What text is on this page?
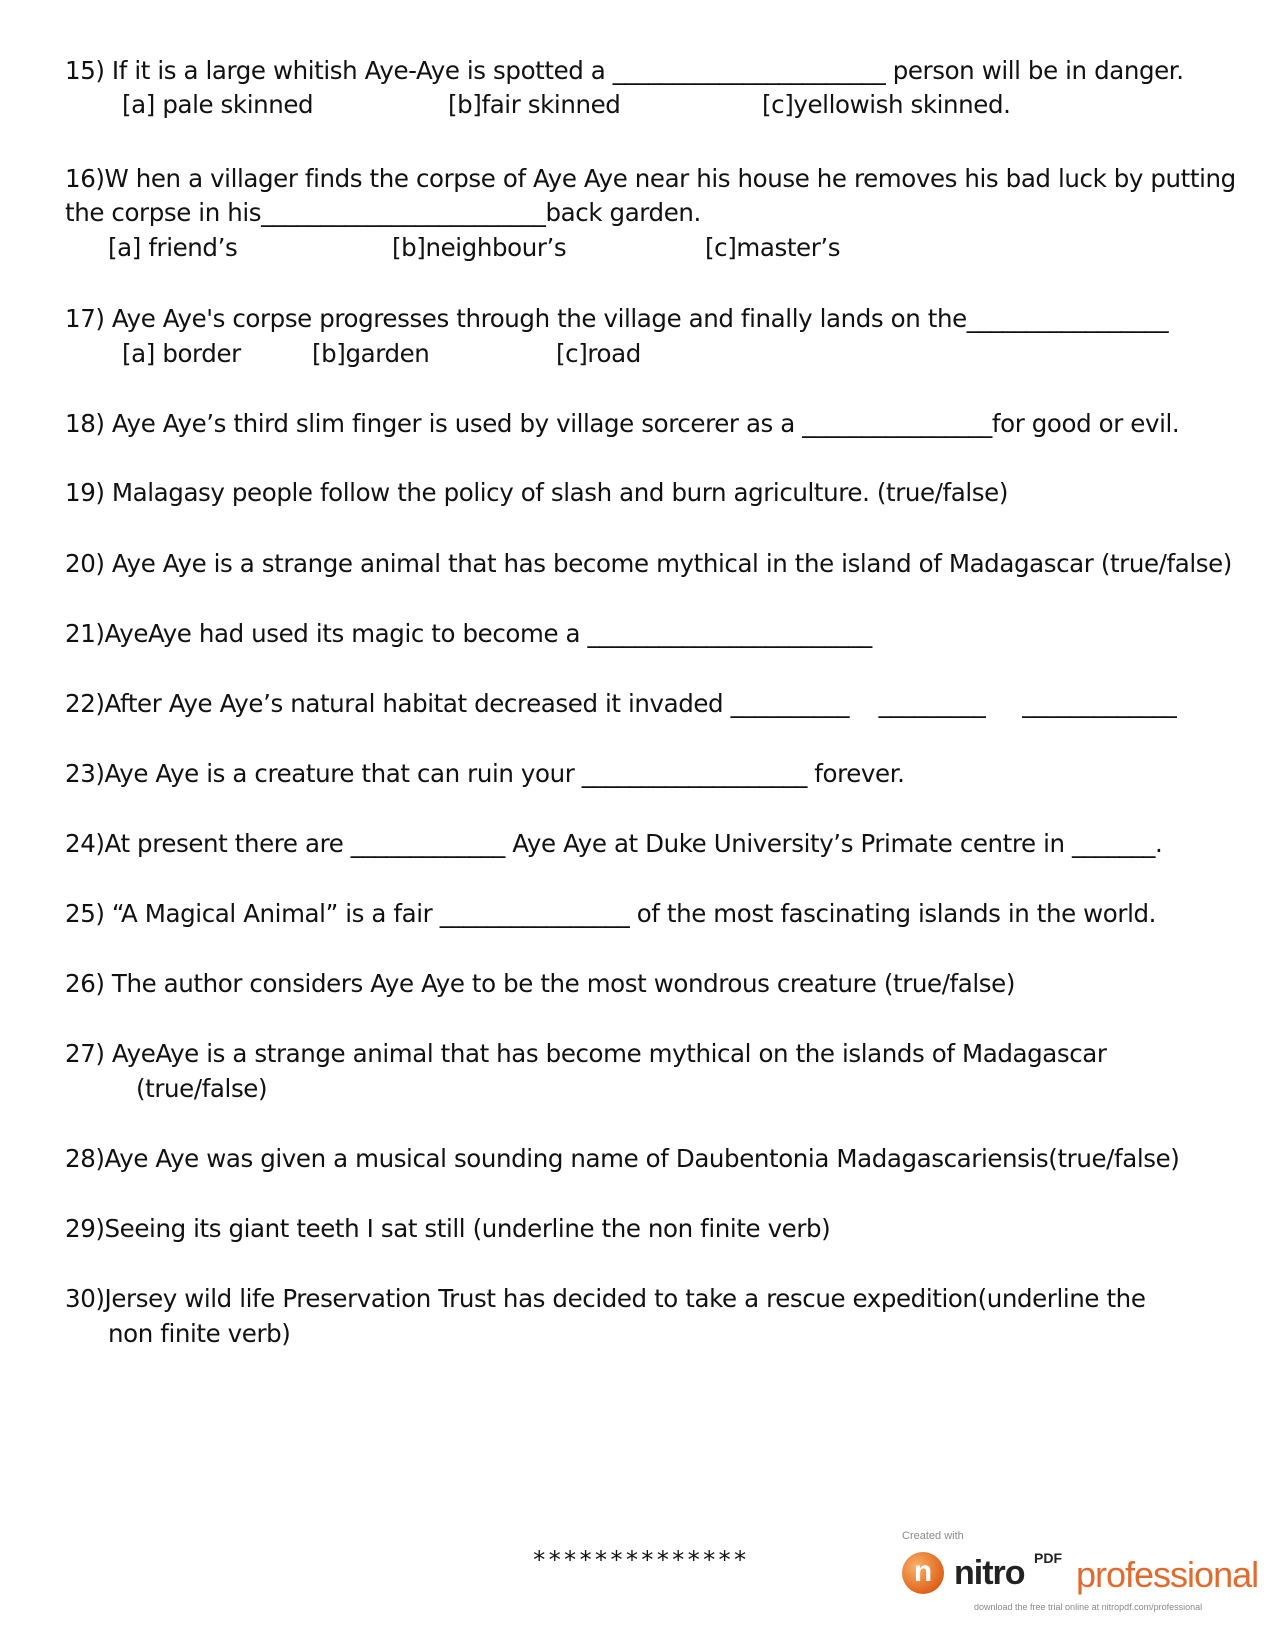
15) If it is a large whitish Aye-Aye is spotted a _______________________ person will be in danger.
[a] pale skinned	[b]fair skinned	[c]yellowish skinned.
16)W hen a villager finds the corpse of Aye Aye near his house he removes his bad luck by putting
the corpse in his________________________back garden.
[a] friend’s	[b]neighbour’s	[c]master’s
17) Aye Aye's corpse progresses through the village and finally lands on the_________________
[a] border	[b]garden	[c]road
18) Aye Aye’s third slim finger is used by village sorcerer as a ________________for good or evil.
19) Malagasy people follow the policy of slash and burn agriculture. (true/false)
20) Aye Aye is a strange animal that has become mythical in the island of Madagascar (true/false)
21)AyeAye had used its magic to become a ________________________
22)After Aye Aye’s natural habitat decreased it invaded __________    _________     _____________
23)Aye Aye is a creature that can ruin your ___________________ forever.
24)At present there are _____________ Aye Aye at Duke University’s Primate centre in _______.
25) “A Magical Animal” is a fair ________________ of the most fascinating islands in the world.
26) The author considers Aye Aye to be the most wondrous creature (true/false)
27) AyeAye is a strange animal that has become mythical on the islands of Madagascar
(true/false)
28)Aye Aye was given a musical sounding name of Daubentonia Madagascariensis(true/false)
29)Seeing its giant teeth I sat still (underline the non finite verb)
30)Jersey wild life Preservation Trust has decided to take a rescue expedition(underline the
non finite verb)
**************
Created with
n nitro PDF professional
download the free trial online at nitropdf.com/professional
